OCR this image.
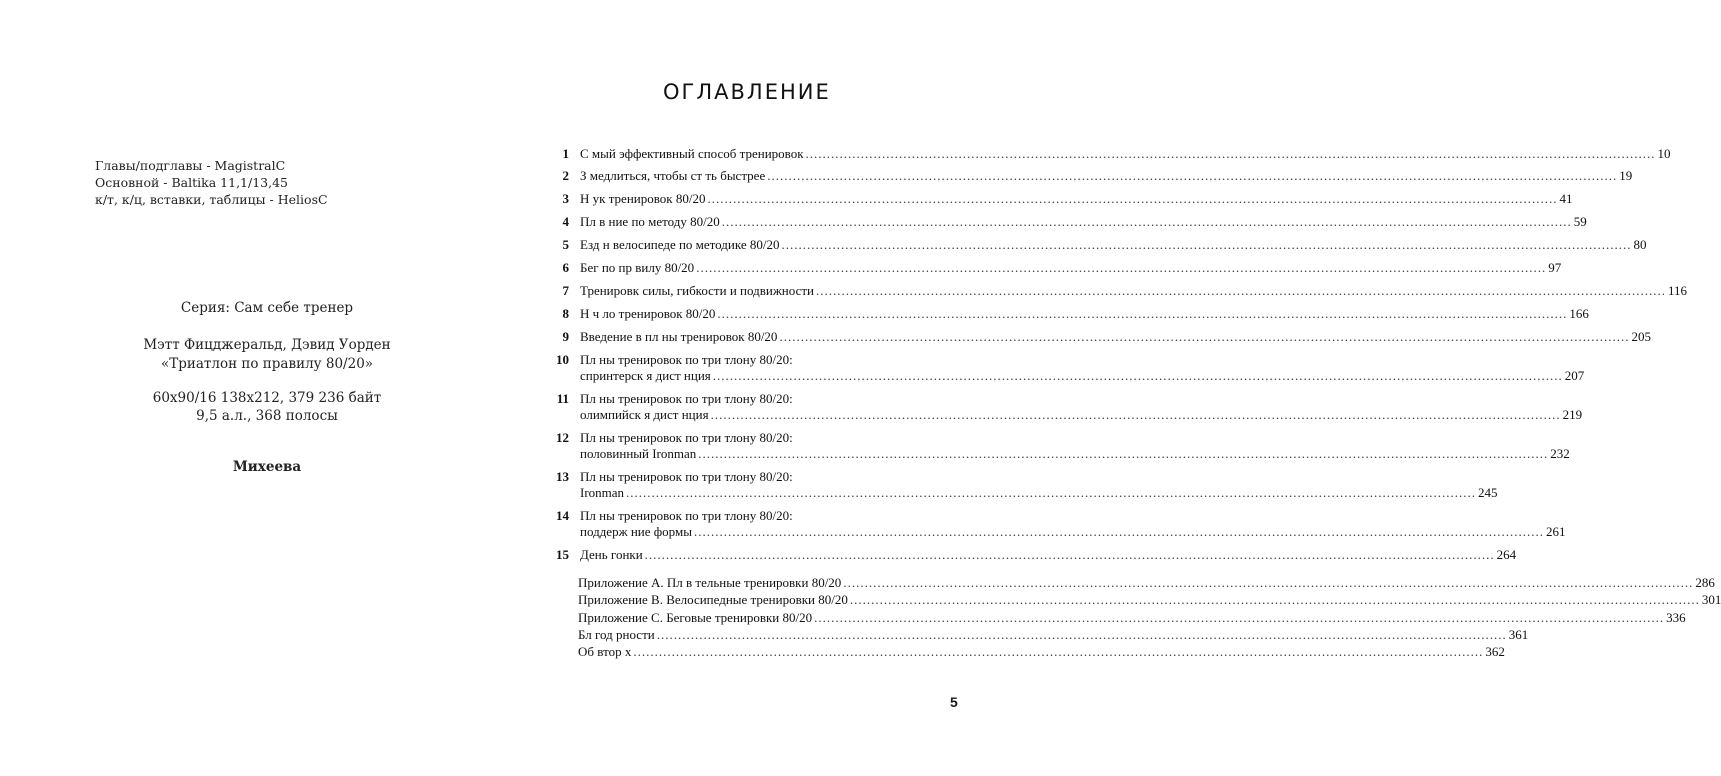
Главы/подглавы - MagistralC
Основной - Baltika 11,1/13,45
к/т, к/ц, вставки, таблицы - HeliosC
Серия: Сам себе тренер
Мэтт Фицджеральд, Дэвид Уорден
«Триатлон по правилу 80/20»
60x90/16 138x212, 379 236 байт
9,5 а.л., 368 полосы
Михеева
ОГЛАВЛЕНИЕ
1 С мый эффективный способ тренировок ........................................................................................................................................................................................................ 10
2 З медлиться, чтобы ст ть быстрее ........................................................................................................................................................................................................ 19
3 Н ук тренировок 80/20 ........................................................................................................................................................................................................ 41
4 Пл в ние по методу 80/20 ........................................................................................................................................................................................................ 59
5 Езд н велосипеде по методике 80/20 ........................................................................................................................................................................................................ 80
6 Бег по пр вилу 80/20 ........................................................................................................................................................................................................ 97
7 Тренировк силы, гибкости и подвижности ........................................................................................................................................................................................................ 116
8 Н ч ло тренировок 80/20 ........................................................................................................................................................................................................ 166
9 Введение в пл ны тренировок 80/20 ........................................................................................................................................................................................................ 205
10 Пл ны тренировок по три тлону 80/20:
спринтерск я дист нция ........................................................................................................................................................................................................ 207
11 Пл ны тренировок по три тлону 80/20:
олимпийск я дист нция ........................................................................................................................................................................................................ 219
12 Пл ны тренировок по три тлону 80/20:
половинный Ironman ........................................................................................................................................................................................................ 232
13 Пл ны тренировок по три тлону 80/20:
Ironman ........................................................................................................................................................................................................ 245
14 Пл ны тренировок по три тлону 80/20:
поддерж ние формы ........................................................................................................................................................................................................ 261
15 День гонки ........................................................................................................................................................................................................ 264
Приложение А. Пл в тельные тренировки 80/20 ........................................................................................................................................................................................................ 286
Приложение В. Велосипедные тренировки 80/20 ........................................................................................................................................................................................................ 301
Приложение С. Беговые тренировки 80/20 ........................................................................................................................................................................................................ 336
Бл год рности ........................................................................................................................................................................................................ 361
Об втор х ........................................................................................................................................................................................................ 362
5
